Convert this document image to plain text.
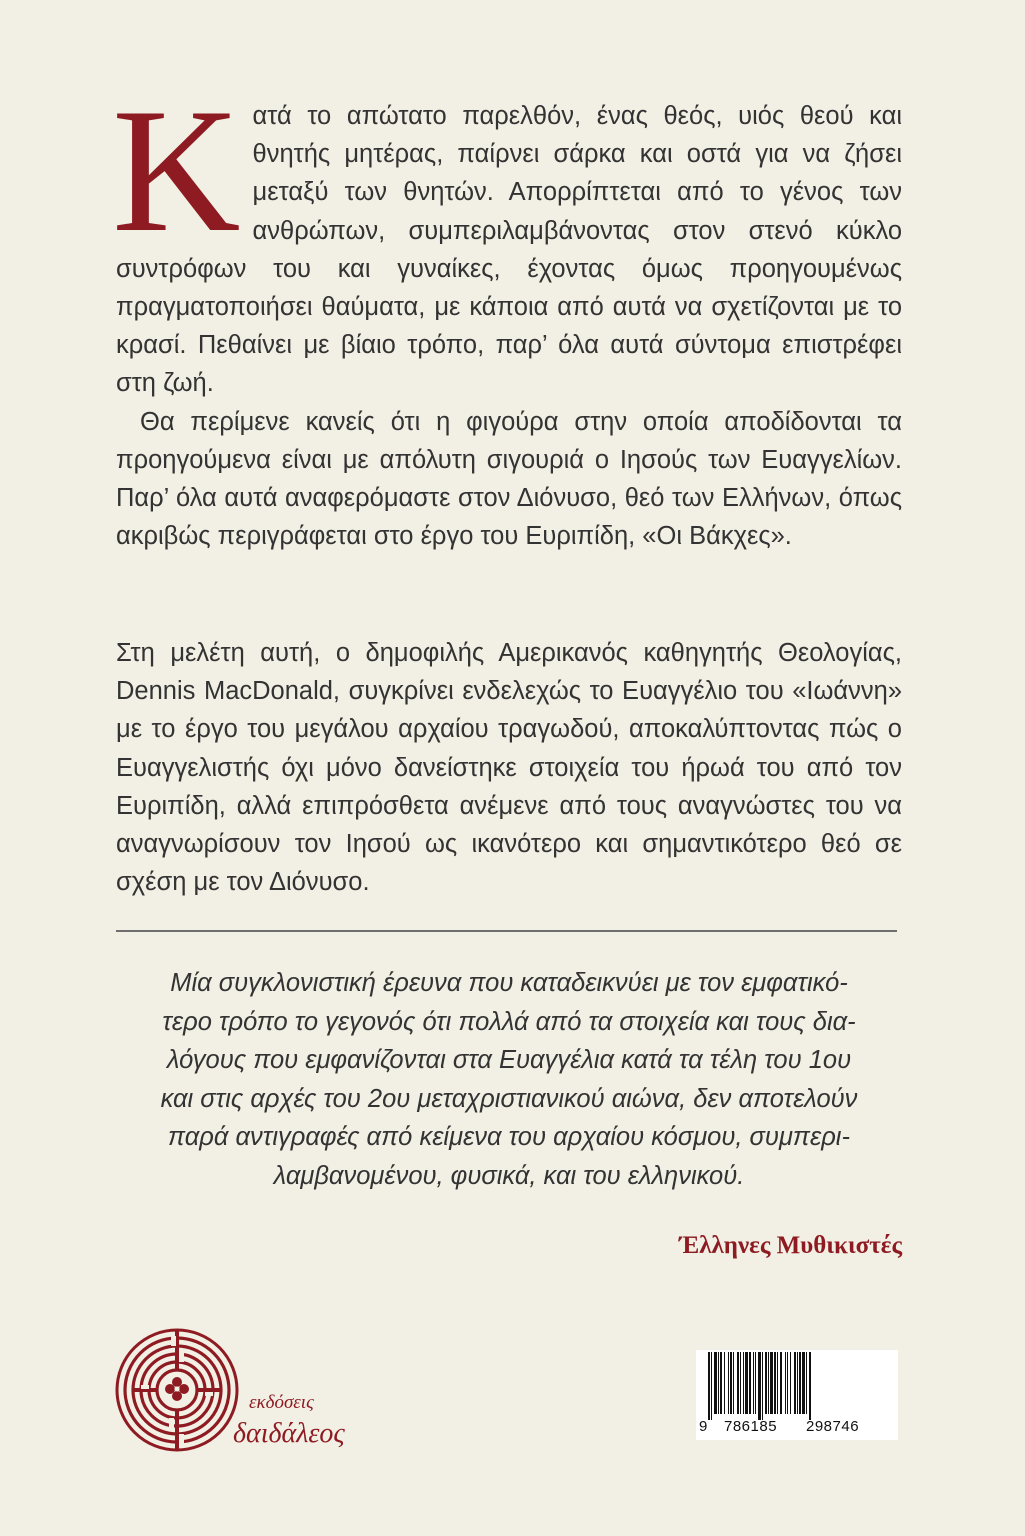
Κ ατά το απώτατο παρελθόν, ένας θεός, υιός θεού και θνητής μητέρας, παίρνει σάρκα και οστά για να ζήσει μεταξύ των θνητών. Απορρίπτεται από το γένος των ανθρώπων, συμπεριλαμβάνοντας στον στενό κύκλο συντρόφων του και γυναίκες, έχοντας όμως προηγουμένως πραγματοποιήσει θαύματα, με κάποια από αυτά να σχετίζονται με το κρασί. Πεθαίνει με βίαιο τρόπο, παρ’ όλα αυτά σύντομα επιστρέφει στη ζωή.

Θα περίμενε κανείς ότι η φιγούρα στην οποία αποδίδονται τα προηγούμενα είναι με απόλυτη σιγουριά ο Ιησούς των Ευαγγελίων. Παρ’ όλα αυτά αναφερόμαστε στον Διόνυσο, θεό των Ελλήνων, όπως ακριβώς περιγράφεται στο έργο του Ευριπίδη, «Οι Βάκχες».

Στη μελέτη αυτή, ο δημοφιλής Αμερικανός καθηγητής Θεολογίας, Dennis MacDonald, συγκρίνει ενδελεχώς το Ευαγγέλιο του «Ιωάννη» με το έργο του μεγάλου αρχαίου τραγωδού, αποκαλύπτοντας πώς ο Ευαγγελιστής όχι μόνο δανείστηκε στοιχεία του ήρωά του από τον Ευριπίδη, αλλά επιπρόσθετα ανέμενε από τους αναγνώστες του να αναγνωρίσουν τον Ιησού ως ικανότερο και σημαντικότερο θεό σε σχέση με τον Διόνυσο.

Μία συγκλονιστική έρευνα που καταδεικνύει με τον εμφατικό-
τερο τρόπο το γεγονός ότι πολλά από τα στοιχεία και τους δια-
λόγους που εμφανίζονται στα Ευαγγέλια κατά τα τέλη του 1ου
και στις αρχές του 2ου μεταχριστιανικού αιώνα, δεν αποτελούν
παρά αντιγραφές από κείμενα του αρχαίου κόσμου, συμπερι-
λαμβανομένου, φυσικά, και του ελληνικού.
Έλληνες Μυθικιστές
εκδόσεις
δαιδάλεος	9 786185 298746
